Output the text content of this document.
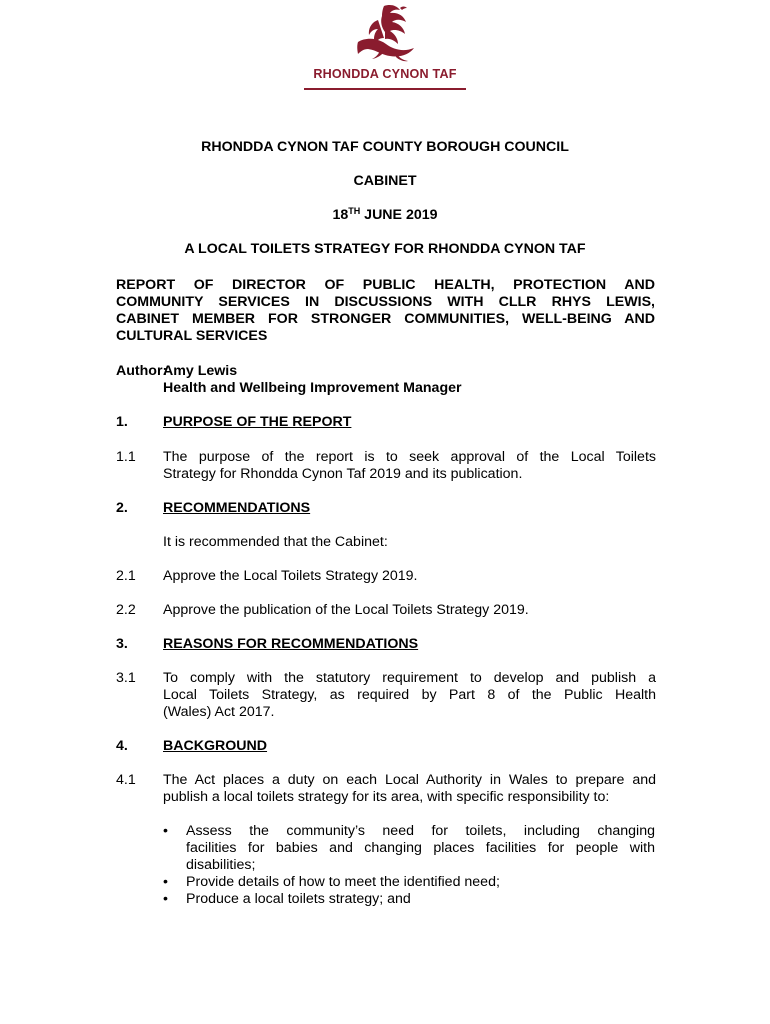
RHONDDA CYNON TAF
RHONDDA CYNON TAF COUNTY BOROUGH COUNCIL
CABINET
18TH JUNE 2019
A LOCAL TOILETS STRATEGY FOR RHONDDA CYNON TAF
REPORT OF DIRECTOR OF PUBLIC HEALTH, PROTECTION AND
COMMUNITY SERVICES IN DISCUSSIONS WITH CLLR RHYS LEWIS,
CABINET MEMBER FOR STRONGER COMMUNITIES, WELL-BEING AND
CULTURAL SERVICES
Author:
Amy Lewis
Health and Wellbeing Improvement Manager
1. PURPOSE OF THE REPORT
1.1 The purpose of the report is to seek approval of the Local Toilets
Strategy for Rhondda Cynon Taf 2019 and its publication.
2. RECOMMENDATIONS
It is recommended that the Cabinet:
2.1 Approve the Local Toilets Strategy 2019.
2.2 Approve the publication of the Local Toilets Strategy 2019.
3. REASONS FOR RECOMMENDATIONS
3.1 To comply with the statutory requirement to develop and publish a
Local Toilets Strategy, as required by Part 8 of the Public Health
(Wales) Act 2017.
4. BACKGROUND
4.1 The Act places a duty on each Local Authority in Wales to prepare and
publish a local toilets strategy for its area, with specific responsibility to:
• Assess the community’s need for toilets, including changing
facilities for babies and changing places facilities for people with
disabilities;
• Provide details of how to meet the identified need;
• Produce a local toilets strategy; and
